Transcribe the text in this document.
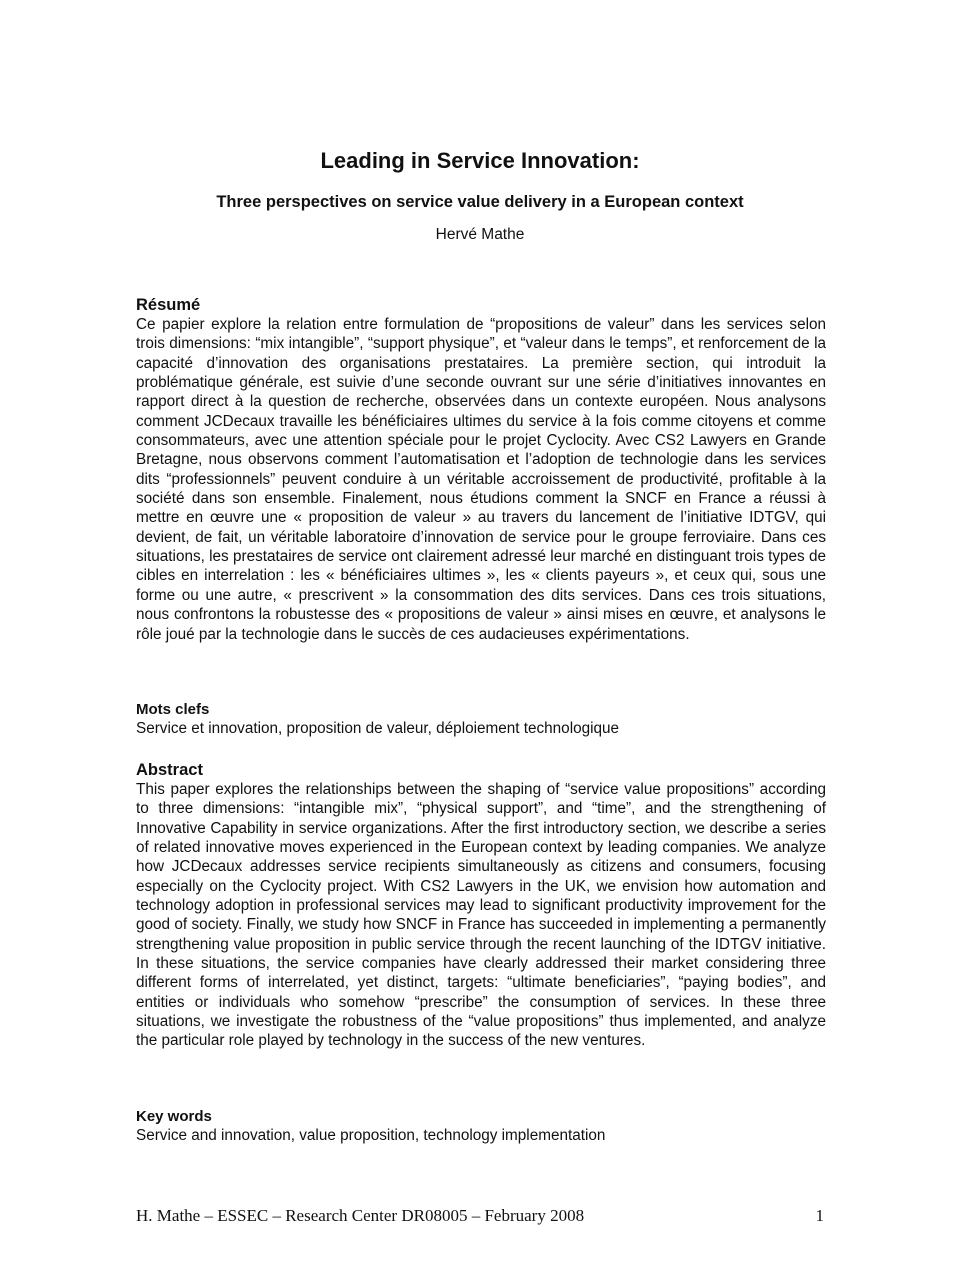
Leading in Service Innovation:
Three perspectives on service value delivery in a European context
Hervé Mathe
Résumé

Ce papier explore la relation entre formulation de “propositions de valeur” dans les services selon trois dimensions: “mix intangible”, “support physique”, et “valeur dans le temps”, et renforcement de la capacité d’innovation des organisations prestataires. La première section, qui introduit la problématique générale, est suivie d’une seconde ouvrant sur une série d’initiatives innovantes en rapport direct à la question de recherche, observées dans un contexte européen. Nous analysons comment JCDecaux travaille les bénéficiaires ultimes du service à la fois comme citoyens et comme consommateurs, avec une attention spéciale pour le projet Cyclocity. Avec CS2 Lawyers en Grande Bretagne, nous observons comment l’automatisation et l’adoption de technologie dans les services dits “professionnels” peuvent conduire à un véritable accroissement de productivité, profitable à la société dans son ensemble. Finalement, nous étudions comment la SNCF en France a réussi à mettre en œuvre une « proposition de valeur » au travers du lancement de l’initiative IDTGV, qui devient, de fait, un véritable laboratoire d’innovation de service pour le groupe ferroviaire. Dans ces situations, les prestataires de service ont clairement adressé leur marché en distinguant trois types de cibles en interrelation : les « bénéficiaires ultimes », les « clients payeurs », et ceux qui, sous une forme ou une autre, « prescrivent » la consommation des dits services. Dans ces trois situations, nous confrontons la robustesse des « propositions de valeur » ainsi mises en œuvre, et analysons le rôle joué par la technologie dans le succès de ces audacieuses expérimentations.

Mots clefs

Service et innovation, proposition de valeur, déploiement technologique

Abstract

This paper explores the relationships between the shaping of “service value propositions” according to three dimensions: “intangible mix”, “physical support”, and “time”, and the strengthening of Innovative Capability in service organizations. After the first introductory section, we describe a series of related innovative moves experienced in the European context by leading companies. We analyze how JCDecaux addresses service recipients simultaneously as citizens and consumers, focusing especially on the Cyclocity project. With CS2 Lawyers in the UK, we envision how automation and technology adoption in professional services may lead to significant productivity improvement for the good of society. Finally, we study how SNCF in France has succeeded in implementing a permanently strengthening value proposition in public service through the recent launching of the IDTGV initiative. In these situations, the service companies have clearly addressed their market considering three different forms of interrelated, yet distinct, targets: “ultimate beneficiaries”, “paying bodies”, and entities or individuals who somehow “prescribe” the consumption of services. In these three situations, we investigate the robustness of the “value propositions” thus implemented, and analyze the particular role played by technology in the success of the new ventures.

Key words

Service and innovation, value proposition, technology implementation

H. Mathe – ESSEC – Research Center DR08005 – February 2008	1
